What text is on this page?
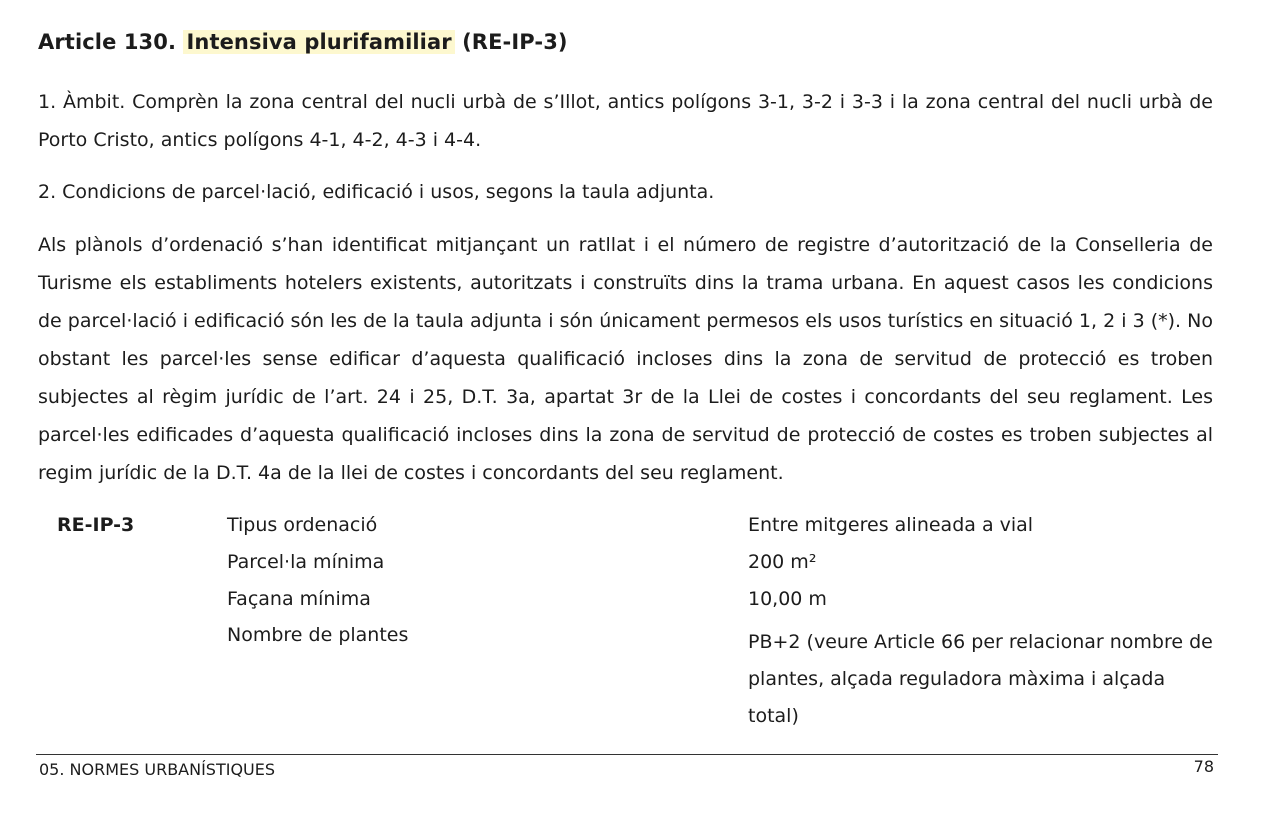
Article 130. Intensiva plurifamiliar (RE-IP-3)

1. Àmbit. Comprèn la zona central del nucli urbà de s’Illot, antics polígons 3-1, 3-2 i 3-3 i la zona central del nucli urbà de Porto Cristo, antics polígons 4-1, 4-2, 4-3 i 4-4.

2. Condicions de parcel·lació, edificació i usos, segons la taula adjunta.

Als plànols d’ordenació s’han identificat mitjançant un ratllat i el número de registre d’autorització de la Conselleria de Turisme els establiments hotelers existents, autoritzats i construïts dins la trama urbana. En aquest casos les condicions de parcel·lació i edificació són les de la taula adjunta i són únicament permesos els usos turístics en situació 1, 2 i 3 (*). No obstant les parcel·les sense edificar d’aquesta qualificació incloses dins la zona de servitud de protecció es troben subjectes al règim jurídic de l’art. 24 i 25, D.T. 3a, apartat 3r de la Llei de costes i concordants del seu reglament. Les parcel·les edificades d’aquesta qualificació incloses dins la zona de servitud de protecció de costes es troben subjectes al regim jurídic de la D.T. 4a de la llei de costes i concordants del seu reglament.

RE-IP-3	Tipus ordenació	Entre mitgeres alineada a vial
Parcel·la mínima	200 m²
Façana mínima	10,00 m
Nombre de plantes	PB+2 (veure Article 66 per relacionar nombre de plantes, alçada reguladora màxima i alçada total)

05. NORMES URBANÍSTIQUES	78
